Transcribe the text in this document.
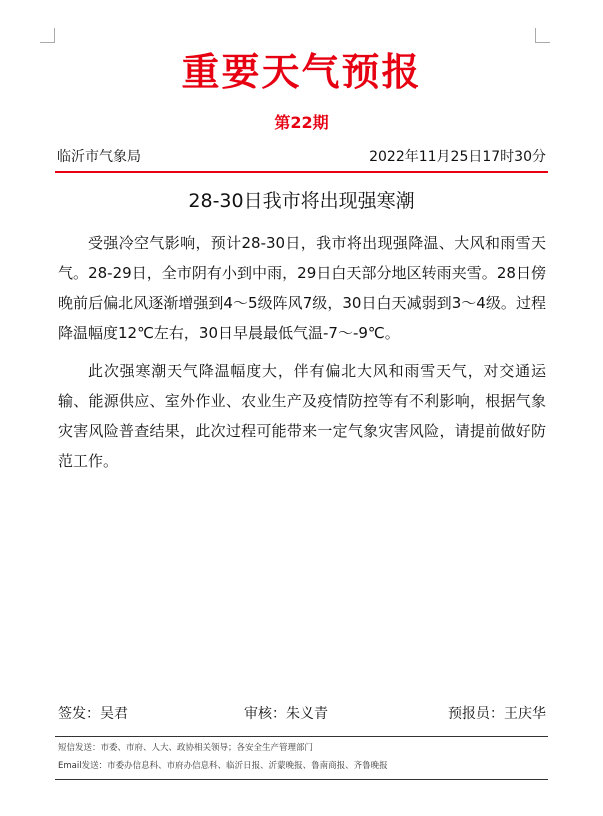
重要天气预报
第22期
临沂市气象局	2022年11月25日17时30分
28-30日我市将出现强寒潮

受强冷空气影响，预计28-30日，我市将出现强降温、大风和雨雪天气。28-29日，全市阴有小到中雨，29日白天部分地区转雨夹雪。28日傍晚前后偏北风逐渐增强到4～5级阵风7级，30日白天减弱到3～4级。过程降温幅度12℃左右，30日早晨最低气温-7～-9℃。

此次强寒潮天气降温幅度大，伴有偏北大风和雨雪天气，对交通运输、能源供应、室外作业、农业生产及疫情防控等有不利影响，根据气象灾害风险普查结果，此次过程可能带来一定气象灾害风险，请提前做好防范工作。

签发：吴君	审核：朱义青	预报员：王庆华
短信发送：市委、市府、人大、政协相关领导；各安全生产管理部门
Email发送：市委办信息科、市府办信息科、临沂日报、沂蒙晚报、鲁南商报、齐鲁晚报
